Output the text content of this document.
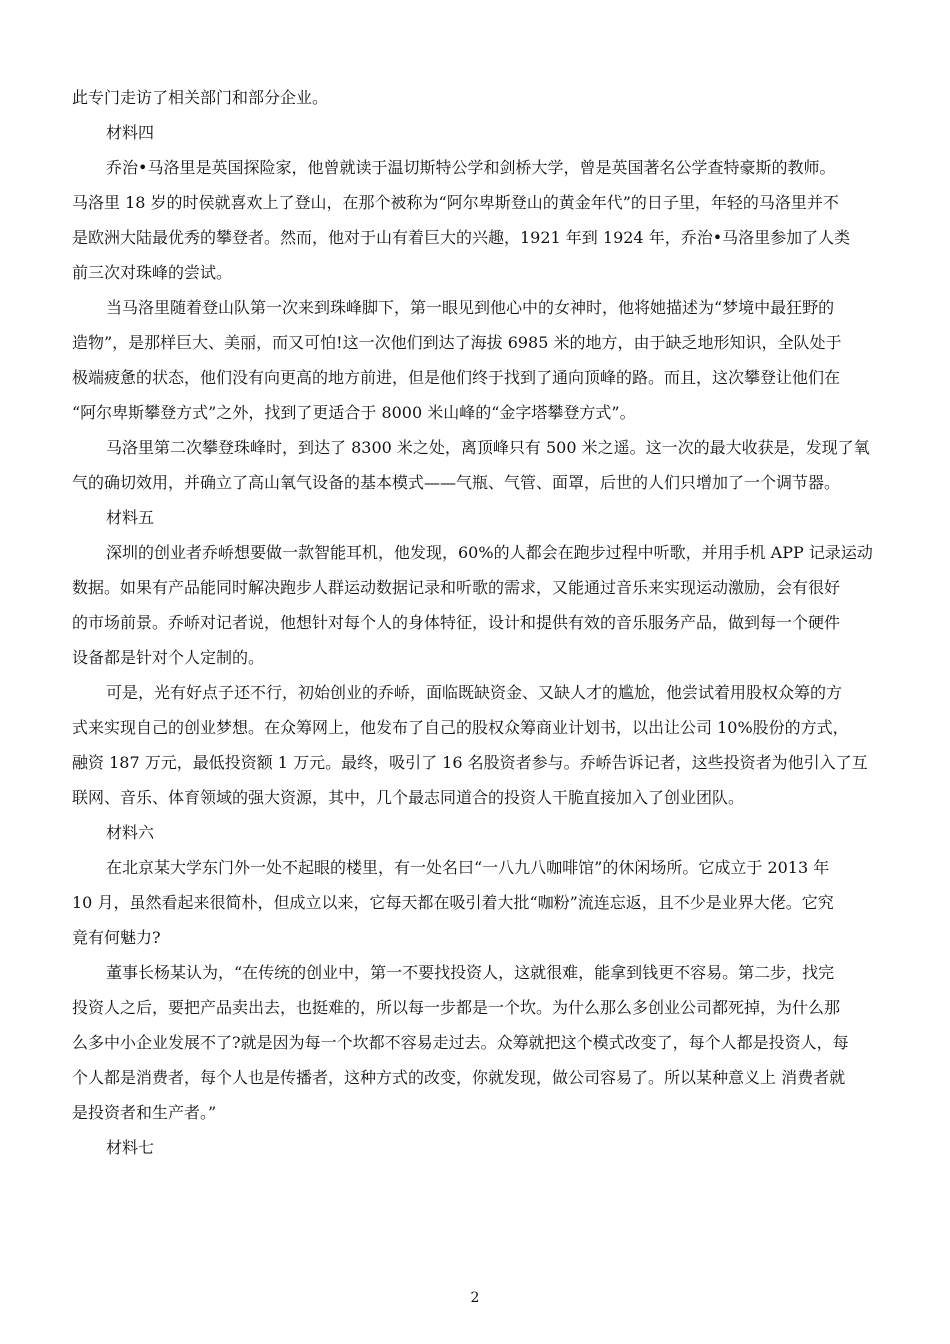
此专门走访了相关部门和部分企业。
材料四
乔治•马洛里是英国探险家，他曾就读于温切斯特公学和剑桥大学，曾是英国著名公学查特豪斯的教师。
马洛里 18 岁的时侯就喜欢上了登山，在那个被称为“阿尔卑斯登山的黄金年代”的日子里，年轻的马洛里并不
是欧洲大陆最优秀的攀登者。然而，他对于山有着巨大的兴趣，1921 年到 1924 年，乔治•马洛里参加了人类
前三次对珠峰的尝试。
当马洛里随着登山队第一次来到珠峰脚下，第一眼见到他心中的女神时，他将她描述为“梦境中最狂野的
造物”，是那样巨大、美丽，而又可怕!这一次他们到达了海拔 6985 米的地方，由于缺乏地形知识，全队处于
极端疲惫的状态，他们没有向更高的地方前进，但是他们终于找到了通向顶峰的路。而且，这次攀登让他们在
“阿尔卑斯攀登方式”之外，找到了更适合于 8000 米山峰的“金字塔攀登方式”。
马洛里第二次攀登珠峰时，到达了 8300 米之处，离顶峰只有 500 米之遥。这一次的最大收获是，发现了氧
气的确切效用，并确立了高山氧气设备的基本模式——气瓶、气管、面罩，后世的人们只增加了一个调节器。
材料五
深圳的创业者乔峤想要做一款智能耳机，他发现，60%的人都会在跑步过程中听歌，并用手机 APP 记录运动
数据。如果有产品能同时解决跑步人群运动数据记录和听歌的需求，又能通过音乐来实现运动激励，会有很好
的市场前景。乔峤对记者说，他想针对每个人的身体特征，设计和提供有效的音乐服务产品，做到每一个硬件
设备都是针对个人定制的。
可是，光有好点子还不行，初始创业的乔峤，面临既缺资金、又缺人才的尴尬，他尝试着用股权众筹的方
式来实现自己的创业梦想。在众筹网上，他发布了自己的股权众筹商业计划书，以出让公司 10%股份的方式，
融资 187 万元，最低投资额 1 万元。最终，吸引了 16 名股资者参与。乔峤告诉记者，这些投资者为他引入了互
联网、音乐、体育领域的强大资源，其中，几个最志同道合的投资人干脆直接加入了创业团队。
材料六
在北京某大学东门外一处不起眼的楼里，有一处名曰“一八九八咖啡馆”的休闲场所。它成立于 2013 年
10 月，虽然看起来很简朴，但成立以来，它每天都在吸引着大批“咖粉”流连忘返，且不少是业界大佬。它究
竟有何魅力?
董事长杨某认为，“在传统的创业中，第一不要找投资人，这就很难，能拿到钱更不容易。第二步，找完
投资人之后，要把产品卖出去，也挺难的，所以每一步都是一个坎。为什么那么多创业公司都死掉，为什么那
么多中小企业发展不了?就是因为每一个坎都不容易走过去。众筹就把这个模式改变了，每个人都是投资人，每
个人都是消费者，每个人也是传播者，这种方式的改变，你就发现，做公司容易了。所以某种意义上 消费者就
是投资者和生产者。”
材料七
2
